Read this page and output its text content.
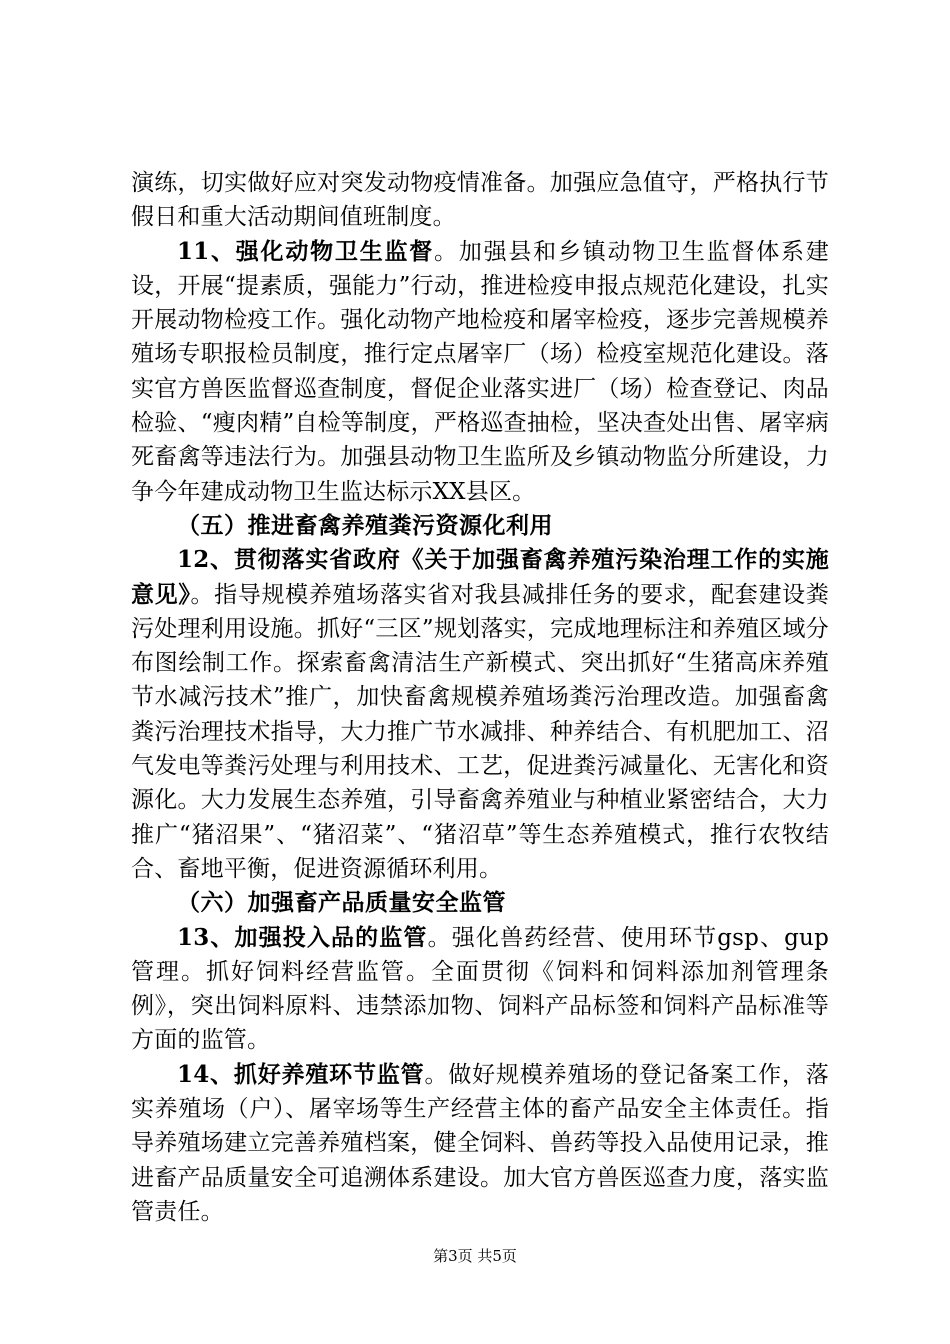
演练，切实做好应对突发动物疫情准备。加强应急值守，严格执行节假日和重大活动期间值班制度。

11、强化动物卫生监督。加强县和乡镇动物卫生监督体系建设，开展“提素质，强能力”行动，推进检疫申报点规范化建设，扎实开展动物检疫工作。强化动物产地检疫和屠宰检疫，逐步完善规模养殖场专职报检员制度，推行定点屠宰厂（场）检疫室规范化建设。落实官方兽医监督巡查制度，督促企业落实进厂（场）检查登记、肉品检验、“瘦肉精”自检等制度，严格巡查抽检，坚决查处出售、屠宰病死畜禽等违法行为。加强县动物卫生监所及乡镇动物监分所建设，力争今年建成动物卫生监达标示XX县区。

（五）推进畜禽养殖粪污资源化利用

12、贯彻落实省政府《关于加强畜禽养殖污染治理工作的实施意见》。指导规模养殖场落实省对我县减排任务的要求，配套建设粪污处理利用设施。抓好“三区”规划落实，完成地理标注和养殖区域分布图绘制工作。探索畜禽清洁生产新模式、突出抓好“生猪高床养殖节水减污技术”推广，加快畜禽规模养殖场粪污治理改造。加强畜禽粪污治理技术指导，大力推广节水减排、种养结合、有机肥加工、沼气发电等粪污处理与利用技术、工艺，促进粪污减量化、无害化和资源化。大力发展生态养殖，引导畜禽养殖业与种植业紧密结合，大力推广“猪沼果”、“猪沼菜”、“猪沼草”等生态养殖模式，推行农牧结合、畜地平衡，促进资源循环利用。

（六）加强畜产品质量安全监管

13、加强投入品的监管。强化兽药经营、使用环节gsp、gup管理。抓好饲料经营监管。全面贯彻《饲料和饲料添加剂管理条例》，突出饲料原料、违禁添加物、饲料产品标签和饲料产品标准等方面的监管。

14、抓好养殖环节监管。做好规模养殖场的登记备案工作，落实养殖场（户）、屠宰场等生产经营主体的畜产品安全主体责任。指导养殖场建立完善养殖档案，健全饲料、兽药等投入品使用记录，推进畜产品质量安全可追溯体系建设。加大官方兽医巡查力度，落实监管责任。

第3页 共5页
